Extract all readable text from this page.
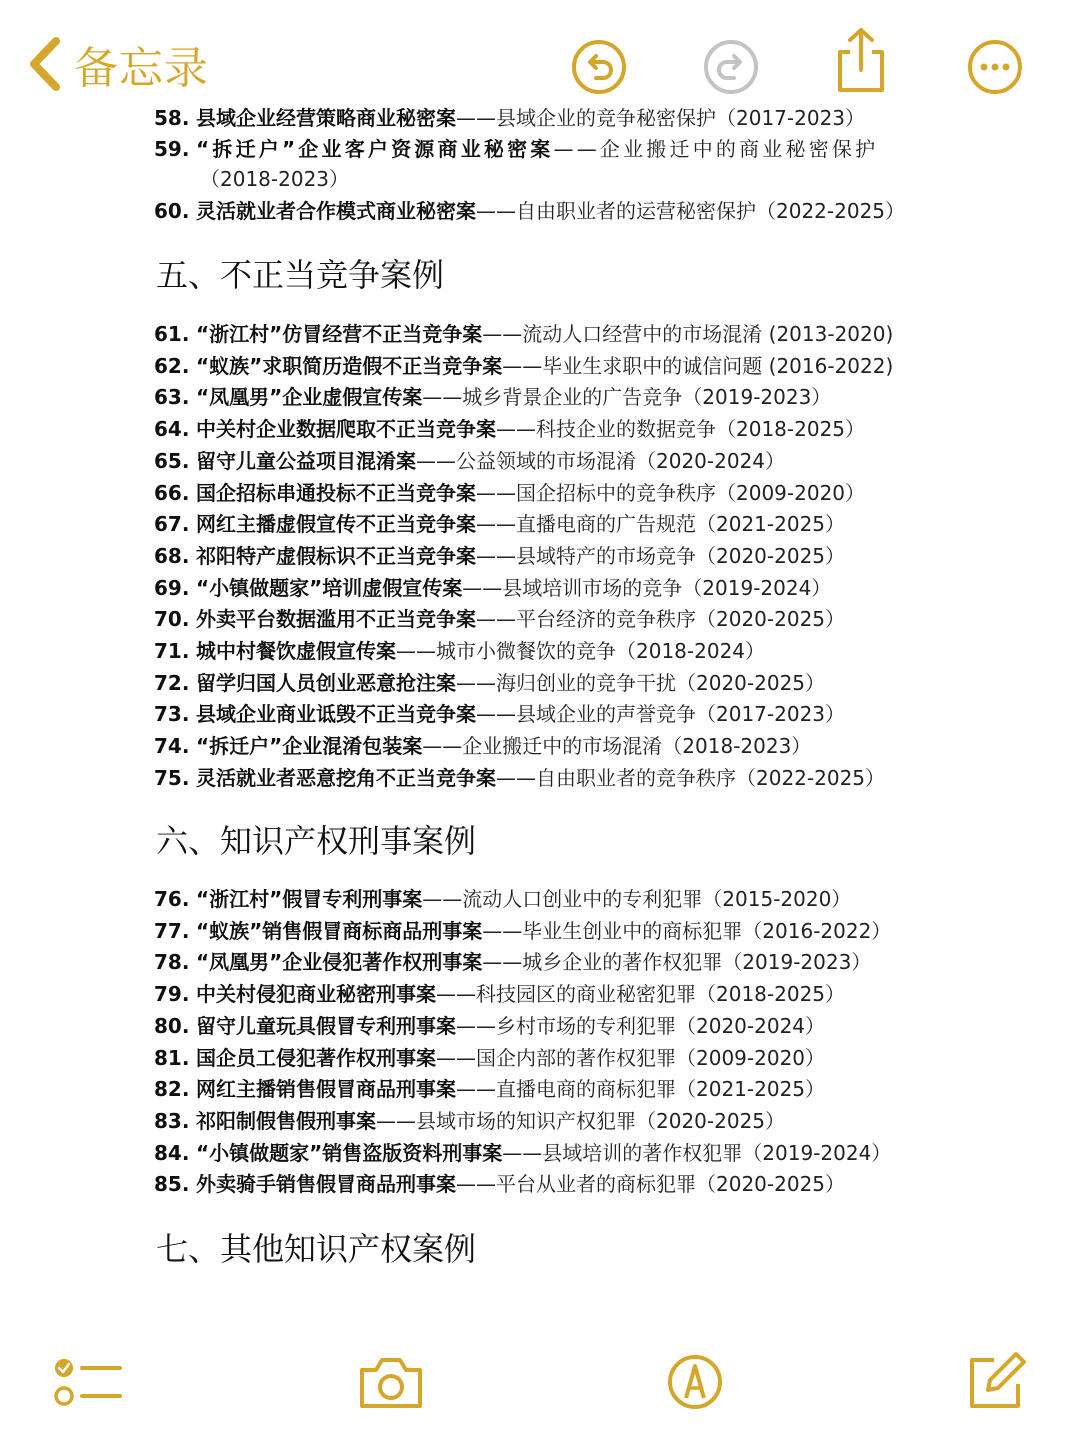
备忘录
58. 县域企业经营策略商业秘密案——县域企业的竞争秘密保护（2017-2023）
59. “拆迁户”企业客户资源商业秘密案——企业搬迁中的商业秘密保护
（2018-2023）
60. 灵活就业者合作模式商业秘密案——自由职业者的运营秘密保护（2022-2025）
五、不正当竞争案例
61. “浙江村”仿冒经营不正当竞争案——流动人口经营中的市场混淆 (2013-2020)
62. “蚁族”求职简历造假不正当竞争案——毕业生求职中的诚信问题 (2016-2022)
63. “凤凰男”企业虚假宣传案——城乡背景企业的广告竞争（2019-2023）
64. 中关村企业数据爬取不正当竞争案——科技企业的数据竞争（2018-2025）
65. 留守儿童公益项目混淆案——公益领域的市场混淆（2020-2024）
66. 国企招标串通投标不正当竞争案——国企招标中的竞争秩序（2009-2020）
67. 网红主播虚假宣传不正当竞争案——直播电商的广告规范（2021-2025）
68. 祁阳特产虚假标识不正当竞争案——县域特产的市场竞争（2020-2025）
69. “小镇做题家”培训虚假宣传案——县域培训市场的竞争（2019-2024）
70. 外卖平台数据滥用不正当竞争案——平台经济的竞争秩序（2020-2025）
71. 城中村餐饮虚假宣传案——城市小微餐饮的竞争（2018-2024）
72. 留学归国人员创业恶意抢注案——海归创业的竞争干扰（2020-2025）
73. 县域企业商业诋毁不正当竞争案——县域企业的声誉竞争（2017-2023）
74. “拆迁户”企业混淆包装案——企业搬迁中的市场混淆（2018-2023）
75. 灵活就业者恶意挖角不正当竞争案——自由职业者的竞争秩序（2022-2025）
六、知识产权刑事案例
76. “浙江村”假冒专利刑事案——流动人口创业中的专利犯罪（2015-2020）
77. “蚁族”销售假冒商标商品刑事案——毕业生创业中的商标犯罪（2016-2022）
78. “凤凰男”企业侵犯著作权刑事案——城乡企业的著作权犯罪（2019-2023）
79. 中关村侵犯商业秘密刑事案——科技园区的商业秘密犯罪（2018-2025）
80. 留守儿童玩具假冒专利刑事案——乡村市场的专利犯罪（2020-2024）
81. 国企员工侵犯著作权刑事案——国企内部的著作权犯罪（2009-2020）
82. 网红主播销售假冒商品刑事案——直播电商的商标犯罪（2021-2025）
83. 祁阳制假售假刑事案——县域市场的知识产权犯罪（2020-2025）
84. “小镇做题家”销售盗版资料刑事案——县域培训的著作权犯罪（2019-2024）
85. 外卖骑手销售假冒商品刑事案——平台从业者的商标犯罪（2020-2025）
七、其他知识产权案例
